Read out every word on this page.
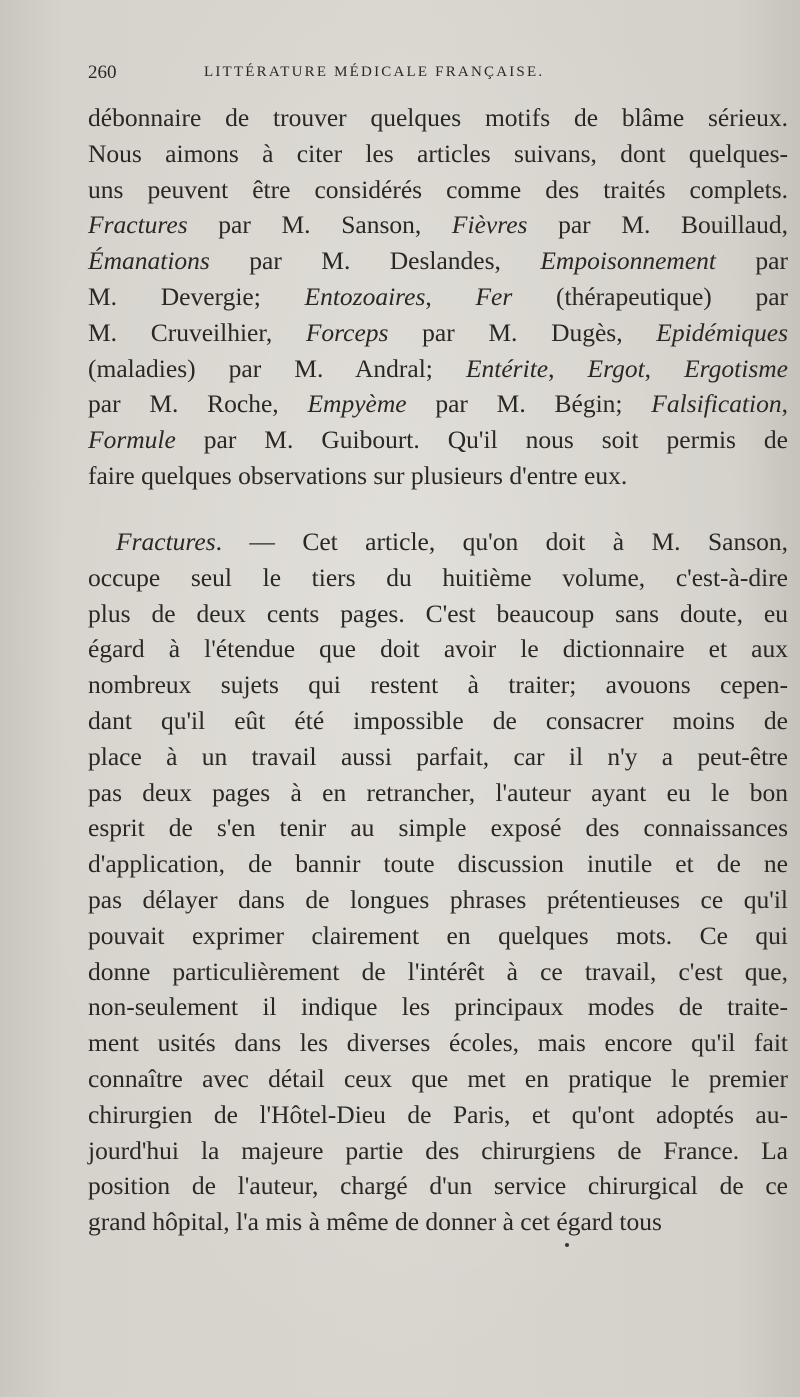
260	LITTÉRATURE MÉDICALE FRANÇAISE.
débonnaire de trouver quelques motifs de blâme sérieux.
Nous aimons à citer les articles suivans, dont quelques-
uns peuvent être considérés comme des traités complets.
Fractures par M. Sanson, Fièvres par M. Bouillaud,
Émanations par M. Deslandes, Empoisonnement par
M. Devergie; Entozoaires, Fer (thérapeutique) par
M. Cruveilhier, Forceps par M. Dugès, Epidémiques
(maladies) par M. Andral; Entérite, Ergot, Ergotisme
par M. Roche, Empyème par M. Bégin; Falsification,
Formule par M. Guibourt. Qu'il nous soit permis de
faire quelques observations sur plusieurs d'entre eux.
Fractures. — Cet article, qu'on doit à M. Sanson,
occupe seul le tiers du huitième volume, c'est-à-dire
plus de deux cents pages. C'est beaucoup sans doute, eu
égard à l'étendue que doit avoir le dictionnaire et aux
nombreux sujets qui restent à traiter; avouons cepen-
dant qu'il eût été impossible de consacrer moins de
place à un travail aussi parfait, car il n'y a peut-être
pas deux pages à en retrancher, l'auteur ayant eu le bon
esprit de s'en tenir au simple exposé des connaissances
d'application, de bannir toute discussion inutile et de ne
pas délayer dans de longues phrases prétentieuses ce qu'il
pouvait exprimer clairement en quelques mots. Ce qui
donne particulièrement de l'intérêt à ce travail, c'est que,
non-seulement il indique les principaux modes de traite-
ment usités dans les diverses écoles, mais encore qu'il fait
connaître avec détail ceux que met en pratique le premier
chirurgien de l'Hôtel-Dieu de Paris, et qu'ont adoptés au-
jourd'hui la majeure partie des chirurgiens de France. La
position de l'auteur, chargé d'un service chirurgical de ce
grand hôpital, l'a mis à même de donner à cet égard tous
